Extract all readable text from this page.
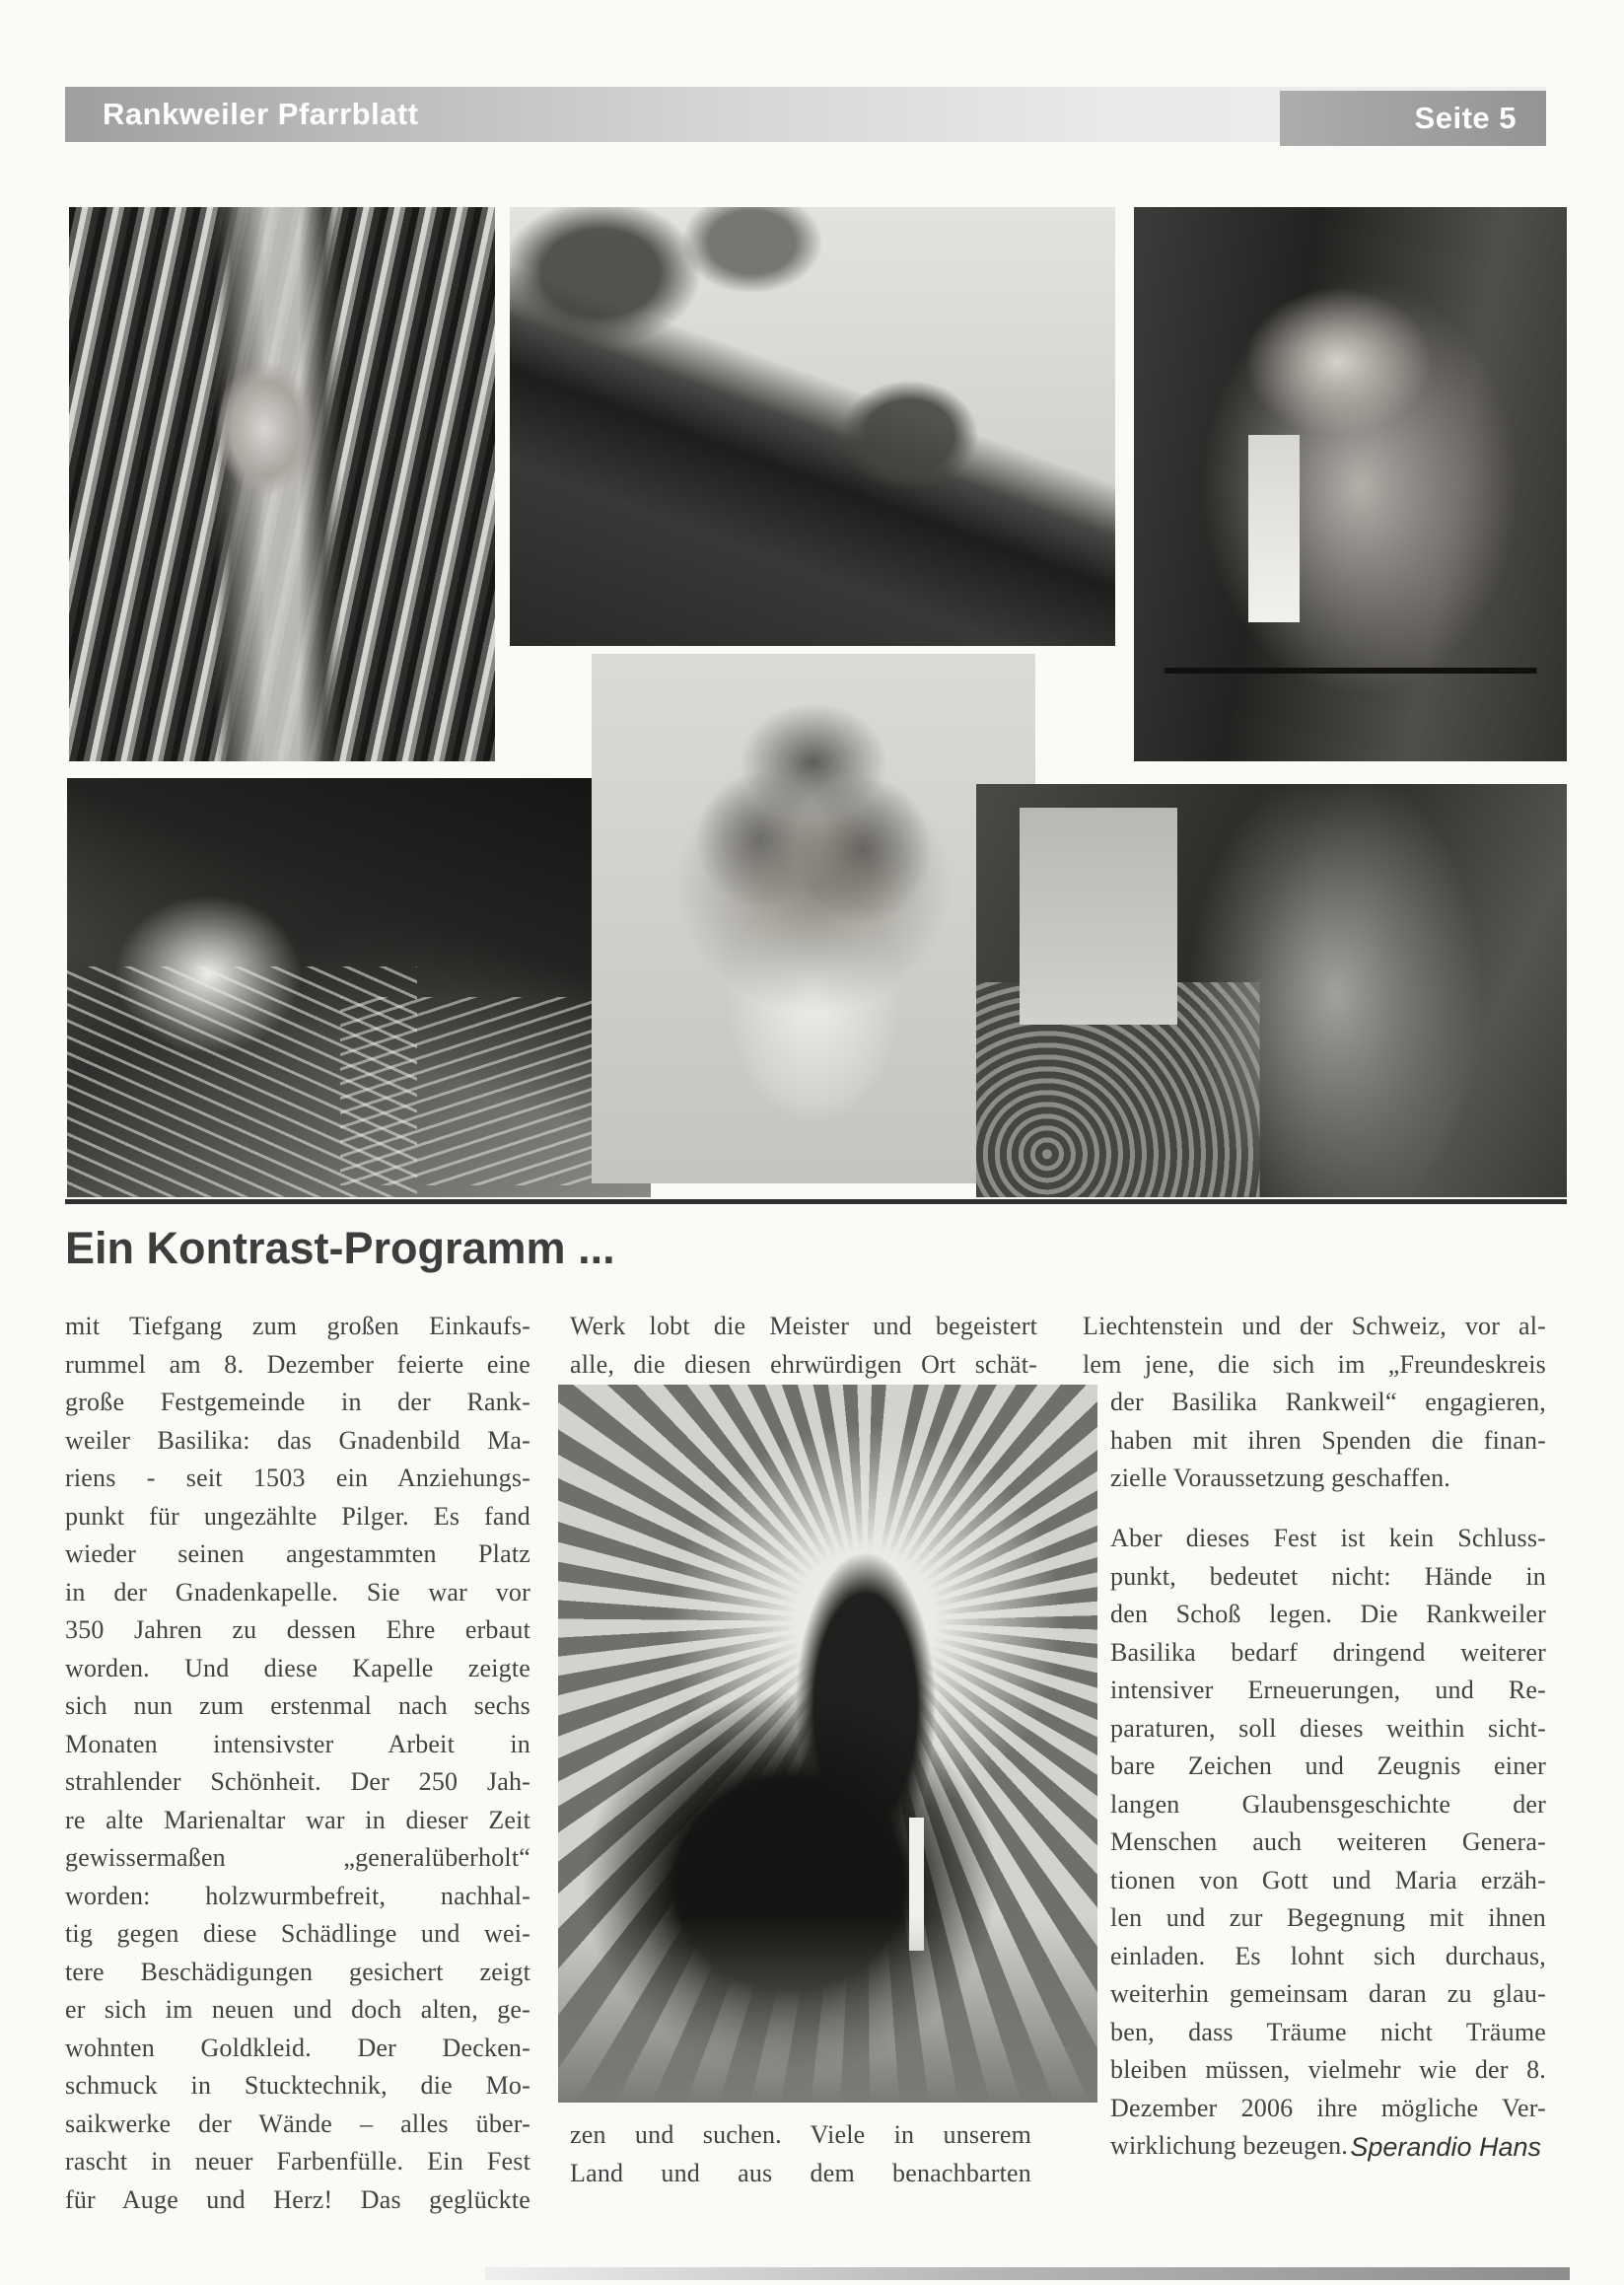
Rankweiler Pfarrblatt	Seite 5
Ein Kontrast-Programm ...
mit Tiefgang zum großen Einkaufs-
rummel am 8. Dezember feierte eine
große Festgemeinde in der Rank-
weiler Basilika: das Gnadenbild Ma-
riens - seit 1503 ein Anziehungs-
punkt für ungezählte Pilger. Es fand
wieder seinen angestammten Platz
in der Gnadenkapelle. Sie war vor
350 Jahren zu dessen Ehre erbaut
worden. Und diese Kapelle zeigte
sich nun zum erstenmal nach sechs
Monaten intensivster Arbeit in
strahlender Schönheit. Der 250 Jah-
re alte Marienaltar war in dieser Zeit
gewissermaßen „generalüberholt“
worden: holzwurmbefreit, nachhal-
tig gegen diese Schädlinge und wei-
tere Beschädigungen gesichert zeigt
er sich im neuen und doch alten, ge-
wohnten Goldkleid. Der Decken-
schmuck in Stucktechnik, die Mo-
saikwerke der Wände – alles über-
rascht in neuer Farbenfülle. Ein Fest
für Auge und Herz! Das geglückte
Werk lobt die Meister und begeistert
alle, die diesen ehrwürdigen Ort schät-
zen und suchen. Viele in unserem
Land und aus dem benachbarten
Liechtenstein und der Schweiz, vor al-
lem jene, die sich im „Freundeskreis
der Basilika Rankweil“ engagieren,
haben mit ihren Spenden die finan-
zielle Voraussetzung geschaffen.
Aber dieses Fest ist kein Schluss-
punkt, bedeutet nicht: Hände in
den Schoß legen. Die Rankweiler
Basilika bedarf dringend weiterer
intensiver Erneuerungen, und Re-
paraturen, soll dieses weithin sicht-
bare Zeichen und Zeugnis einer
langen Glaubensgeschichte der
Menschen auch weiteren Genera-
tionen von Gott und Maria erzäh-
len und zur Begegnung mit ihnen
einladen. Es lohnt sich durchaus,
weiterhin gemeinsam daran zu glau-
ben, dass Träume nicht Träume
bleiben müssen, vielmehr wie der 8.
Dezember 2006 ihre mögliche Ver-
wirklichung bezeugen. Sperandio Hans
